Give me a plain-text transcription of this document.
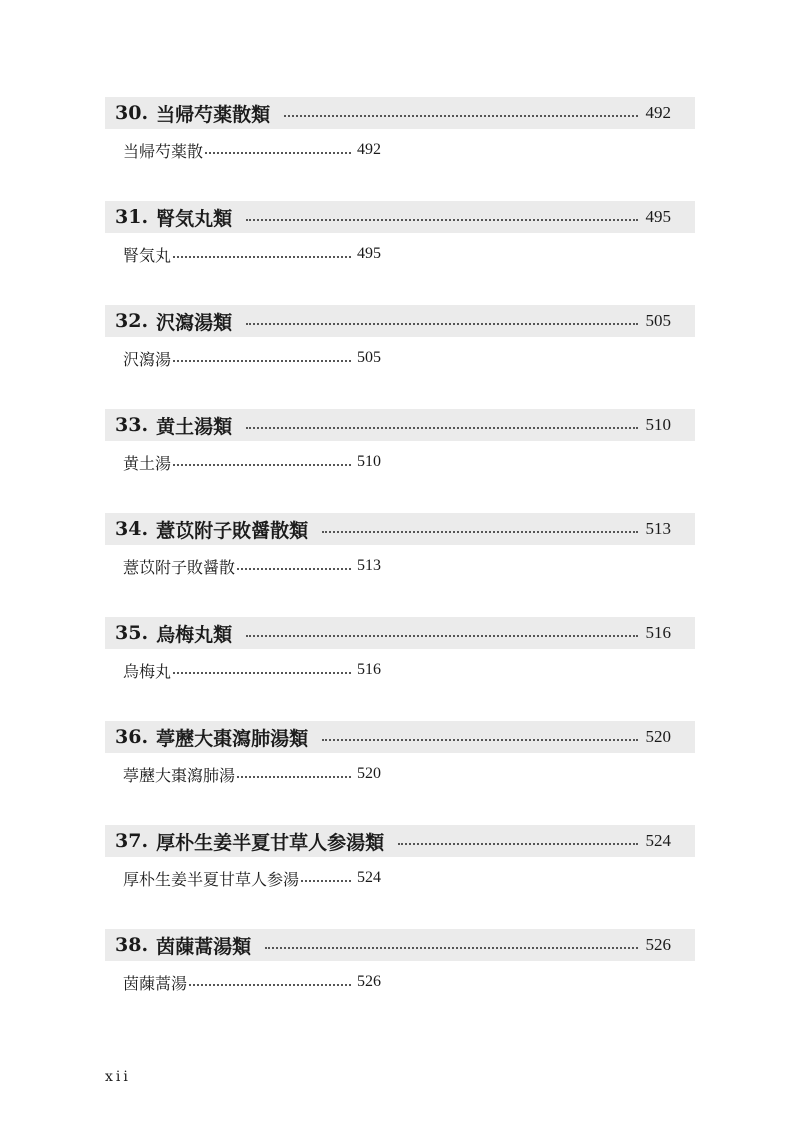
30. 当帰芍薬散類	492
当帰芍薬散	492
31. 腎気丸類	495
腎気丸	495
32. 沢瀉湯類	505
沢瀉湯	505
33. 黄土湯類	510
黄土湯	510
34. 薏苡附子敗醤散類	513
薏苡附子敗醤散	513
35. 烏梅丸類	516
烏梅丸	516
36. 葶藶大棗瀉肺湯類	520
葶藶大棗瀉肺湯	520
37. 厚朴生姜半夏甘草人参湯類	524
厚朴生姜半夏甘草人参湯	524
38. 茵蔯蒿湯類	526
茵蔯蒿湯	526
xii
